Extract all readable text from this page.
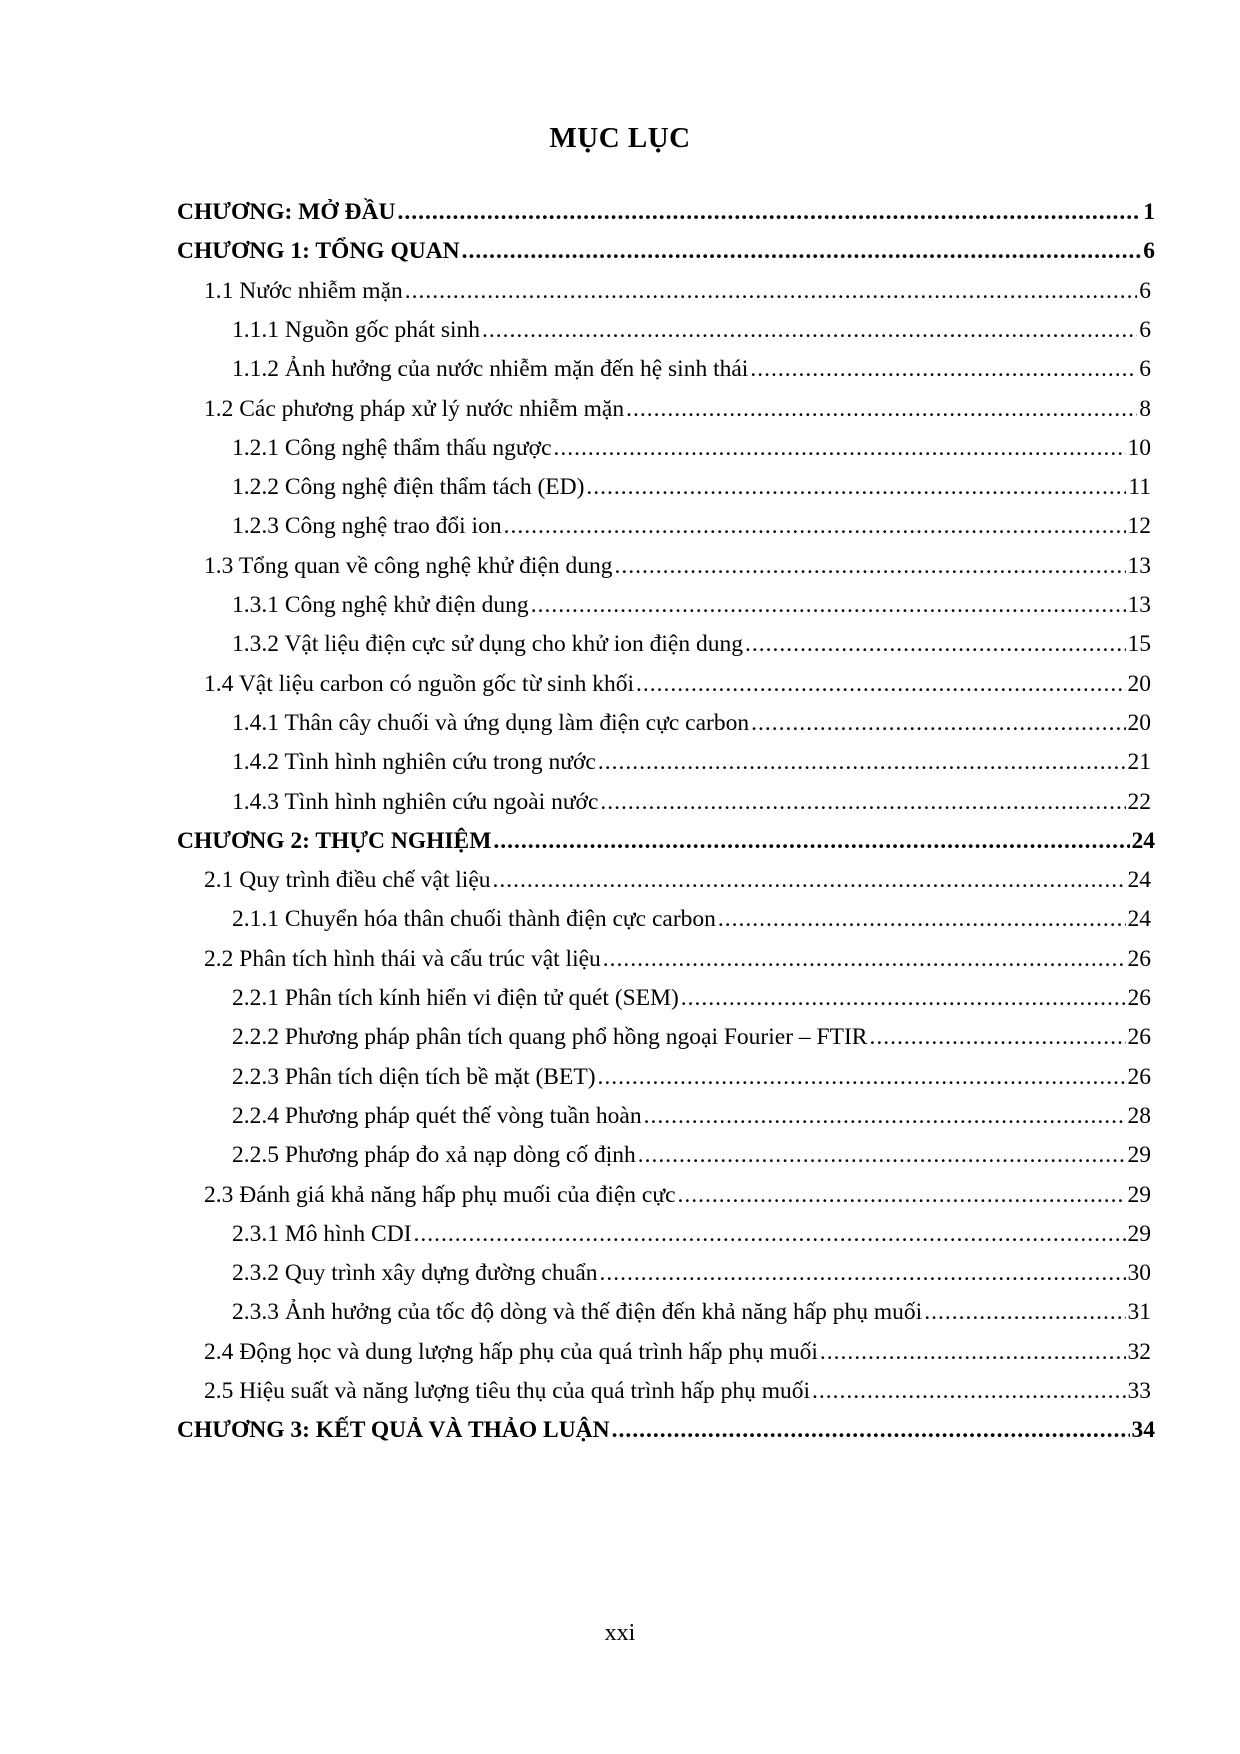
MỤC LỤC
CHƯƠNG: MỞ ĐẦU .....	1
CHƯƠNG 1: TỔNG QUAN .....	6
1.1 Nước nhiễm mặn .....	6
1.1.1 Nguồn gốc phát sinh .....	6
1.1.2 Ảnh hưởng của nước nhiễm mặn đến hệ sinh thái .....	6
1.2 Các phương pháp xử lý nước nhiễm mặn .....	8
1.2.1 Công nghệ thẩm thấu ngược .....	10
1.2.2 Công nghệ điện thẩm tách (ED) .....	11
1.2.3 Công nghệ trao đổi ion .....	12
1.3 Tổng quan về công nghệ khử điện dung .....	13
1.3.1 Công nghệ khử điện dung .....	13
1.3.2 Vật liệu điện cực sử dụng cho khử ion điện dung .....	15
1.4 Vật liệu carbon có nguồn gốc từ sinh khối .....	20
1.4.1 Thân cây chuối và ứng dụng làm điện cực carbon .....	20
1.4.2 Tình hình nghiên cứu trong nước .....	21
1.4.3 Tình hình nghiên cứu ngoài nước .....	22
CHƯƠNG 2: THỰC NGHIỆM .....	24
2.1 Quy trình điều chế vật liệu .....	24
2.1.1 Chuyển hóa thân chuối thành điện cực carbon .....	24
2.2 Phân tích hình thái và cấu trúc vật liệu .....	26
2.2.1 Phân tích kính hiển vi điện tử quét (SEM) .....	26
2.2.2 Phương pháp phân tích quang phổ hồng ngoại Fourier – FTIR .....	26
2.2.3 Phân tích diện tích bề mặt (BET) .....	26
2.2.4 Phương pháp quét thế vòng tuần hoàn .....	28
2.2.5 Phương pháp đo xả nạp dòng cố định .....	29
2.3 Đánh giá khả năng hấp phụ muối của điện cực .....	29
2.3.1 Mô hình CDI .....	29
2.3.2 Quy trình xây dựng đường chuẩn .....	30
2.3.3 Ảnh hưởng của tốc độ dòng và thế điện đến khả năng hấp phụ muối .....	31
2.4 Động học và dung lượng hấp phụ của quá trình hấp phụ muối .....	32
2.5 Hiệu suất và năng lượng tiêu thụ của quá trình hấp phụ muối .....	33
CHƯƠNG 3: KẾT QUẢ VÀ THẢO LUẬN .....	34
xxi
